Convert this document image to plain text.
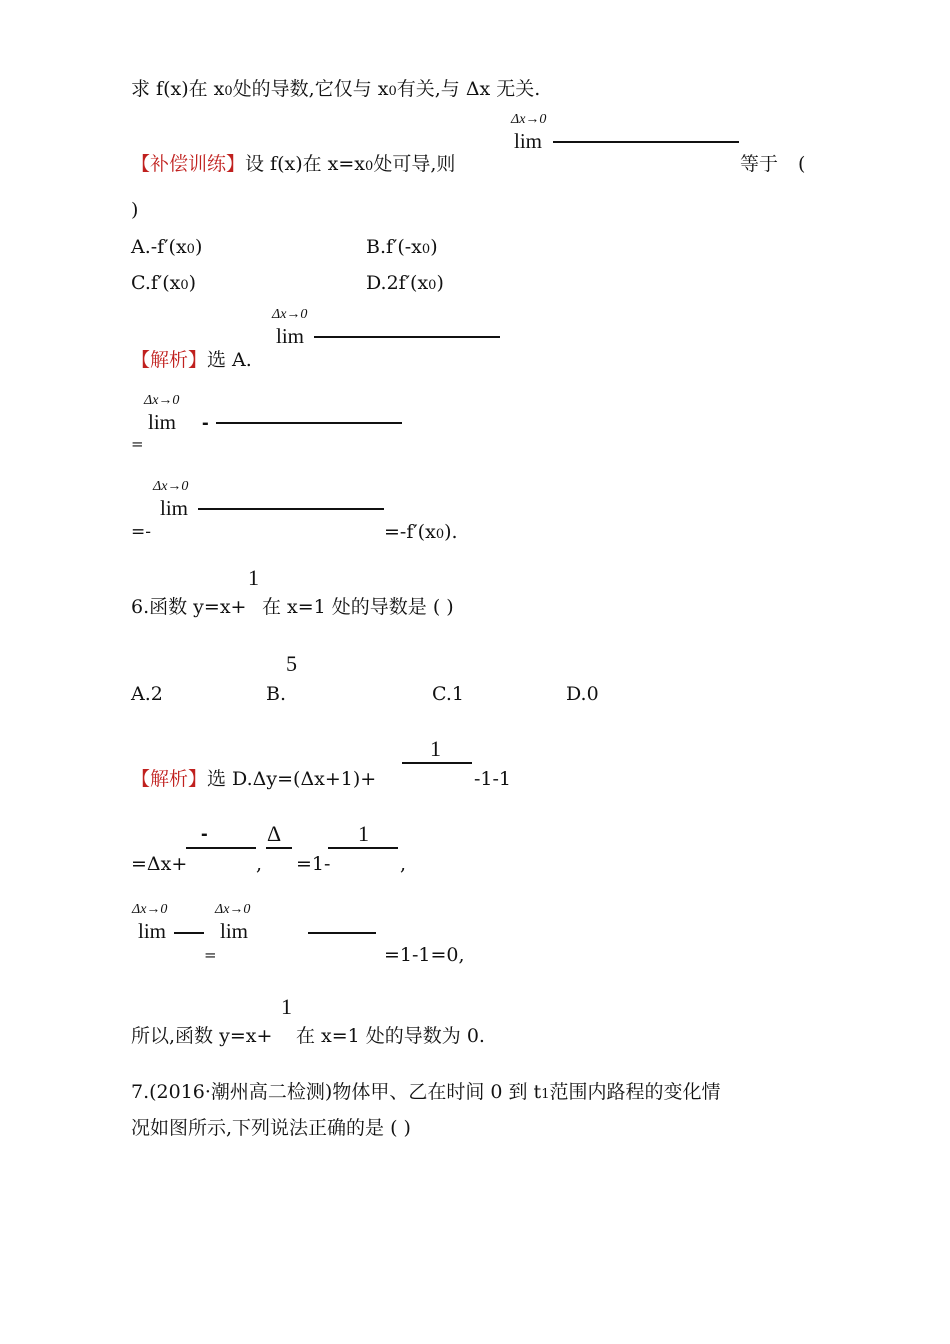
求 f(x)在 x0处的导数,它仅与 x0有关,与 Δx 无关.
Δx→0
lim
【补偿训练】设 f(x)在 x=x0处可导,则	等于 (
)
A.-f′(x0)	B.f′(-x0)
C.f′(x0)	D.2f′(x0)
Δx→0
lim
【解析】选 A.
Δx→0
lim -
=
Δx→0
lim
=-	=-f′(x0).
1
6.函数 y=x+ 在 x=1 处的导数是 ( )
5
A.2	B.	C.1	D.0
1
【解析】选 D.Δy=(Δx+1)+	-1-1
-	Δ	1
=Δx+	, =1-	,
Δx→0
lim
Δx→0
lim
=	=1-1=0,
1
所以,函数 y=x+ 在 x=1 处的导数为 0.
7.(2016·潮州高二检测)物体甲、乙在时间 0 到 t1范围内路程的变化情
况如图所示,下列说法正确的是 ( )
